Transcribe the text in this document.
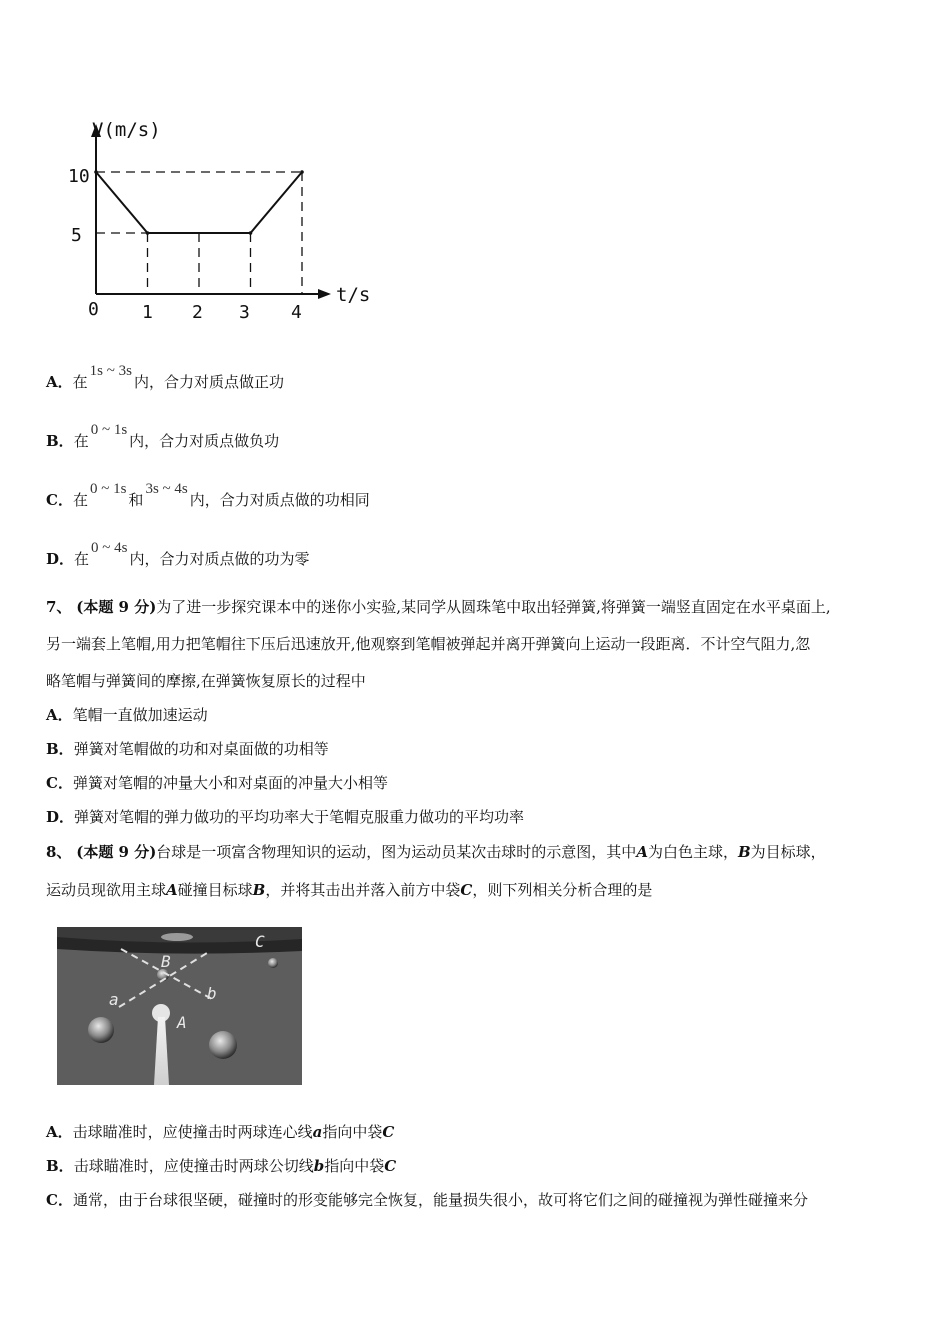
V(m/s)
t/s
10
5
0 1 2 3 4
A．在1s ~ 3s内，合力对质点做正功
B．在0 ~ 1s内，合力对质点做负功
C．在0 ~ 1s和3s ~ 4s内，合力对质点做的功相同
D．在0 ~ 4s内，合力对质点做的功为零
7、 (本题 9 分)为了进一步探究课本中的迷你小实验,某同学从圆珠笔中取出轻弹簧,将弹簧一端竖直固定在水平桌面上,
另一端套上笔帽,用力把笔帽往下压后迅速放开,他观察到笔帽被弹起并离开弹簧向上运动一段距离．不计空气阻力,忽
略笔帽与弹簧间的摩擦,在弹簧恢复原长的过程中
A．笔帽一直做加速运动
B．弹簧对笔帽做的功和对桌面做的功相等
C．弹簧对笔帽的冲量大小和对桌面的冲量大小相等
D．弹簧对笔帽的弹力做功的平均功率大于笔帽克服重力做功的平均功率
8、 (本题 9 分)台球是一项富含物理知识的运动，图为运动员某次击球时的示意图，其中A为白色主球，B为目标球，
运动员现欲用主球A碰撞目标球B，并将其击出并落入前方中袋C，则下列相关分析合理的是
C
B
a	b
A
A．击球瞄准时，应使撞击时两球连心线a指向中袋C
B．击球瞄准时，应使撞击时两球公切线b指向中袋C
C．通常，由于台球很坚硬，碰撞时的形变能够完全恢复，能量损失很小，故可将它们之间的碰撞视为弹性碰撞来分
